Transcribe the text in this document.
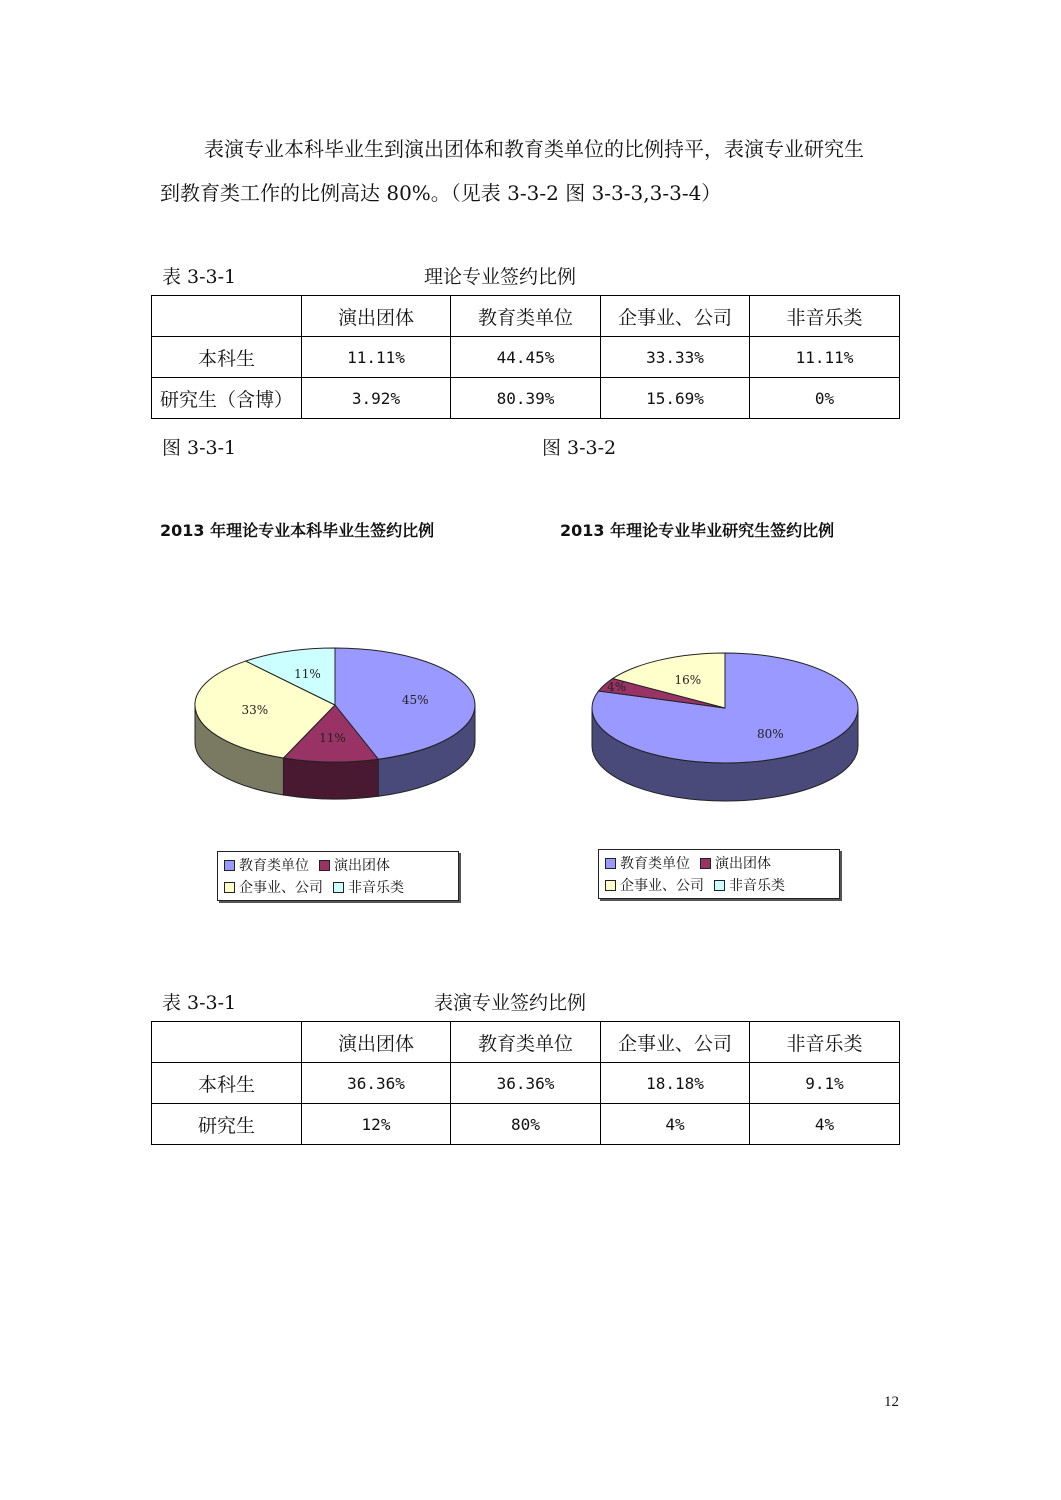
表演专业本科毕业生到演出团体和教育类单位的比例持平，表演专业研究生

到教育类工作的比例高达 80%。（见表 3-3-2 图 3-3-3,3-3-4）

表 3-3-1	理论专业签约比例
	演出团体	教育类单位	企事业、公司	非音乐类
本科生	11.11%	44.45%	33.33%	11.11%
研究生（含博）	3.92%	80.39%	15.69%	0%
图 3-3-1	图 3-3-2
2013 年理论专业本科毕业生签约比例	2013 年理论专业毕业研究生签约比例
45%
11%
33%
11%
80%
4%	16%
教育类单位 演出团体
企事业、公司 非音乐类
教育类单位 演出团体
企事业、公司 非音乐类
表 3-3-1	表演专业签约比例
	演出团体	教育类单位	企事业、公司	非音乐类
本科生	36.36%	36.36%	18.18%	9.1%
研究生	12%	80%	4%	4%
12
